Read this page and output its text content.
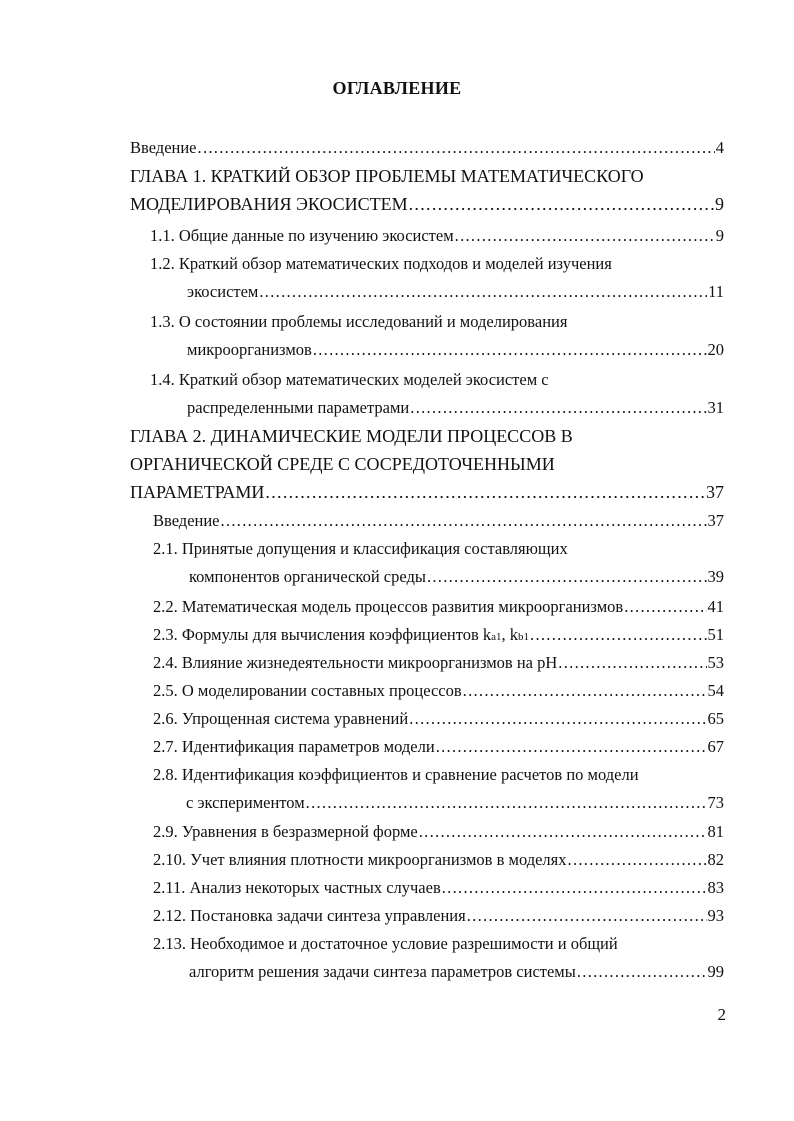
ОГЛАВЛЕНИЕ
Введение .....	4
ГЛАВА 1. КРАТКИЙ ОБЗОР ПРОБЛЕМЫ МАТЕМАТИЧЕСКОГО
МОДЕЛИРОВАНИЯ ЭКОСИСТЕМ .....	9
1.1. Общие данные по изучению экосистем .....	9
1.2. Краткий обзор математических подходов и моделей изучения
экосистем .....	11
1.3. О состоянии проблемы исследований и моделирования
микроорганизмов .....	20
1.4. Краткий обзор математических моделей экосистем с
распределенными параметрами .....	31
ГЛАВА 2. ДИНАМИЧЕСКИЕ МОДЕЛИ ПРОЦЕССОВ В
ОРГАНИЧЕСКОЙ СРЕДЕ С СОСРЕДОТОЧЕННЫМИ
ПАРАМЕТРАМИ .....	37
Введение .....	37
2.1. Принятые допущения и классификация составляющих
компонентов органической среды .....	39
2.2. Математическая модель процессов развития микроорганизмов .....	41
2.3. Формулы для вычисления коэффициентов k a1 , k b1 .....	51
2.4. Влияние жизнедеятельности микроорганизмов на pH .....	53
2.5. О моделировании составных процессов .....	54
2.6. Упрощенная система уравнений .....	65
2.7. Идентификация параметров модели .....	67
2.8. Идентификация коэффициентов и сравнение расчетов по модели
с экспериментом .....	73
2.9. Уравнения в безразмерной форме .....	81
2.10. Учет влияния плотности микроорганизмов в моделях .....	82
2.11. Анализ некоторых частных случаев .....	83
2.12. Постановка задачи синтеза управления .....	93
2.13. Необходимое и достаточное условие разрешимости и общий
алгоритм решения задачи синтеза параметров системы .....	99
2
